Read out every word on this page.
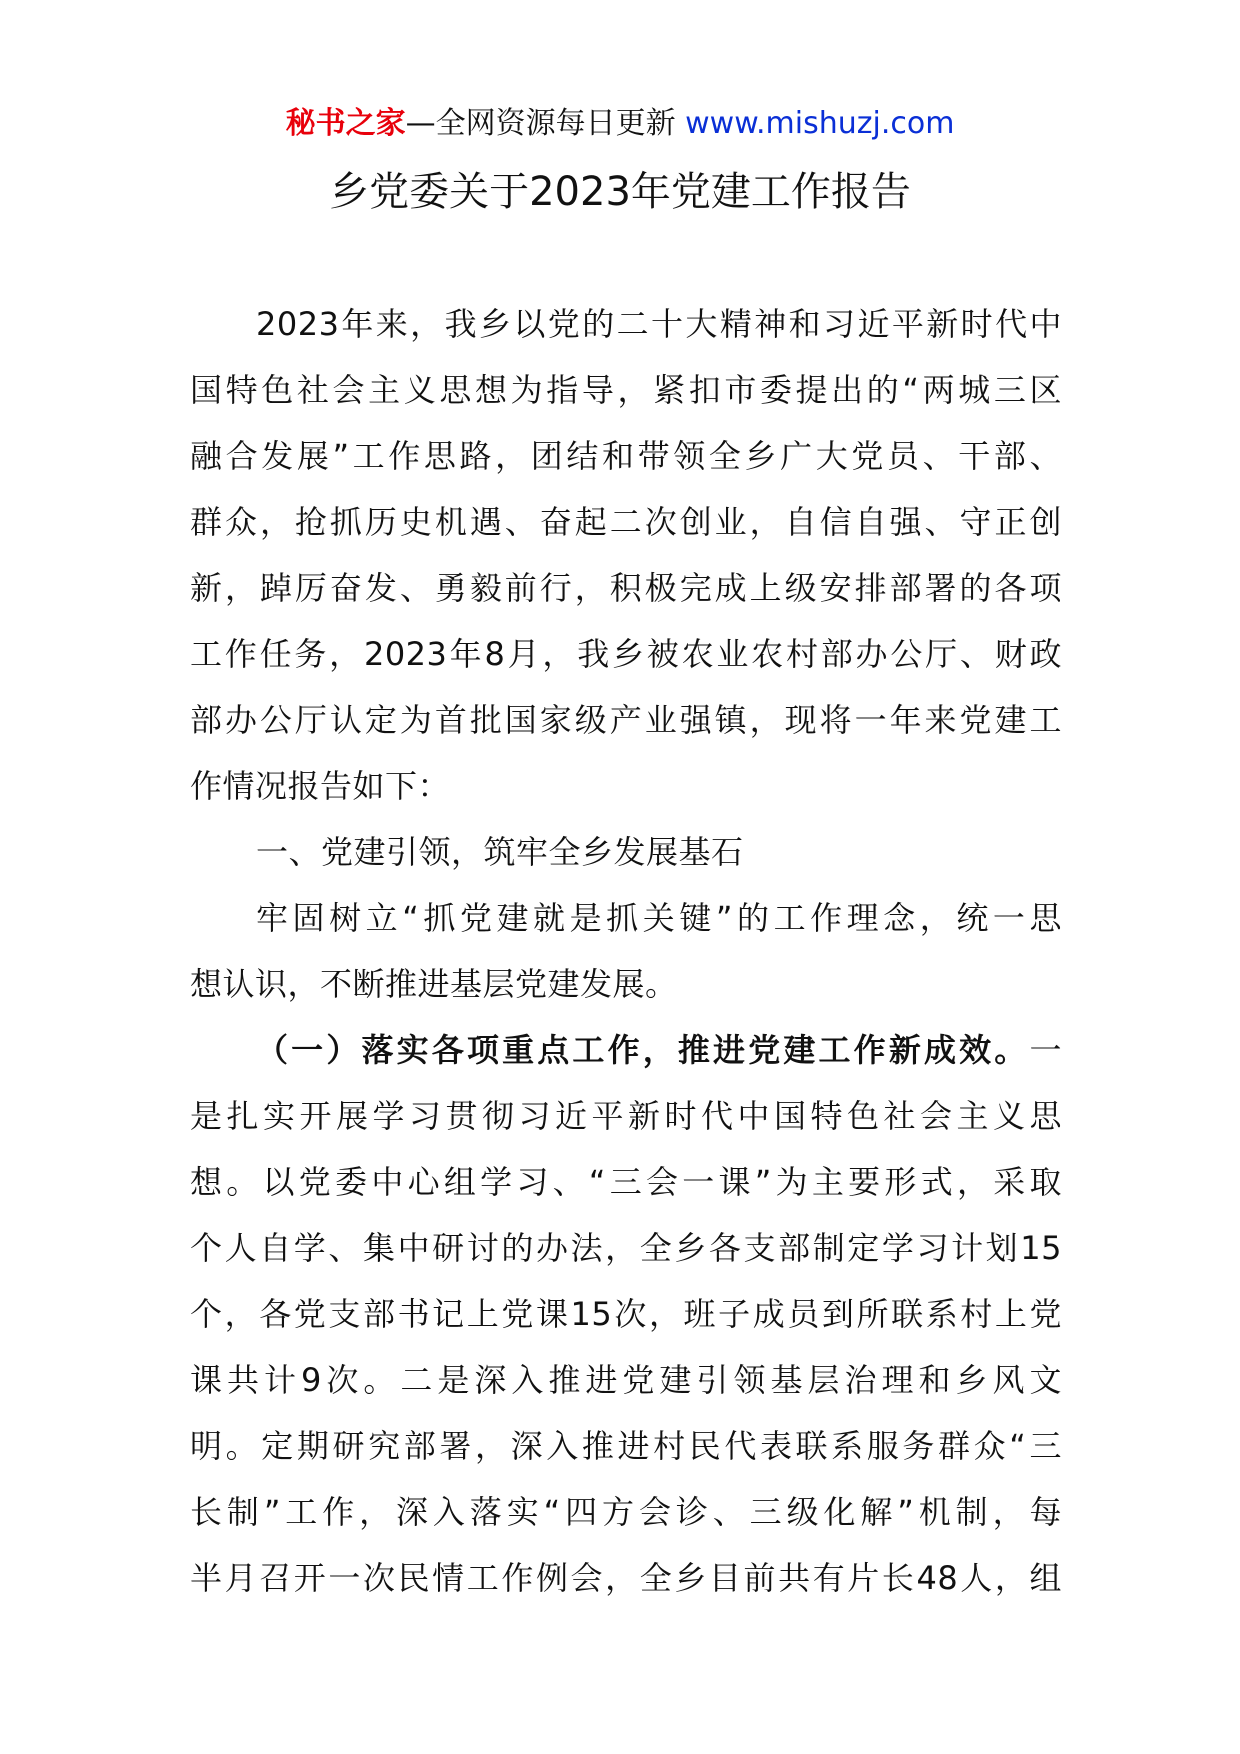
秘书之家—全网资源每日更新 www.mishuzj.com
乡党委关于2023年党建工作报告
2023年来，我乡以党的二十大精神和习近平新时代中
国特色社会主义思想为指导，紧扣市委提出的“两城三区
融合发展”工作思路，团结和带领全乡广大党员、干部、
群众，抢抓历史机遇、奋起二次创业，自信自强、守正创
新，踔厉奋发、勇毅前行，积极完成上级安排部署的各项
工作任务，2023年8月，我乡被农业农村部办公厅、财政
部办公厅认定为首批国家级产业强镇，现将一年来党建工
作情况报告如下：
一、党建引领，筑牢全乡发展基石
牢固树立“抓党建就是抓关键”的工作理念，统一思
想认识，不断推进基层党建发展。
（一）落实各项重点工作，推进党建工作新成效。一
是扎实开展学习贯彻习近平新时代中国特色社会主义思
想。以党委中心组学习、“三会一课”为主要形式，采取
个人自学、集中研讨的办法，全乡各支部制定学习计划15
个，各党支部书记上党课15次，班子成员到所联系村上党
课共计9次。二是深入推进党建引领基层治理和乡风文
明。定期研究部署，深入推进村民代表联系服务群众“三
长制”工作，深入落实“四方会诊、三级化解”机制，每
半月召开一次民情工作例会，全乡目前共有片长48人，组
